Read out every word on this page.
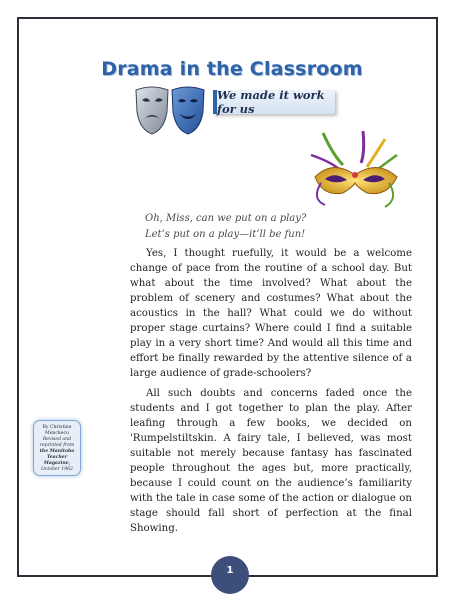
Drama in the Classroom
We made it work for us
Oh, Miss, can we put on a play?
Let’s put on a play—it’ll be fun!

Yes, I thought ruefully, it would be a welcome change of pace from the routine of a school day. But what about the time involved? What about the problem of scenery and costumes? What about the acoustics in the hall? What could we do without proper stage curtains? Where could I find a suitable play in a very short time? And would all this time and effort be finally rewarded by the attentive silence of a large audience of grade-schoolers?

All such doubts and concerns faded once the students and I got together to plan the play. After leafing through a few books, we decided on 'Rumpelstiltskin. A fairy tale, I believed, was most suitable not merely because fantasy has fascinated people throughout the ages but, more practically, because I could count on the audience’s familiarity with the tale in case some of the action or dialogue on stage should fall short of perfection at the final Showing.

By Christine
Menckecu
Revised and
reprinted from
the Manitoba
Teacher
Magazine,
October 1962
1
